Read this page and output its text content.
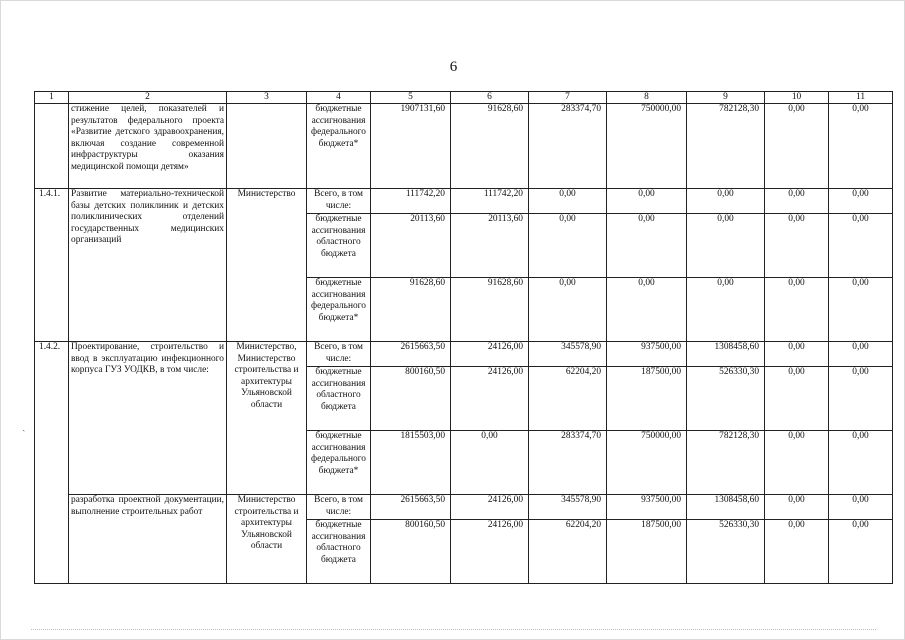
6
1	2	3	4	5	6	7	8	9	10	11
	стижение целей, показателей и результатов федерального проекта «Развитие детского здравоохранения, включая создание современной инфраструктуры оказания медицинской помощи детям»		бюджетные ассигнования федерального бюджета*	1907131,60	91628,60	283374,70	750000,00	782128,30	0,00	0,00
1.4.1.	Развитие материально-технической базы детских поликлиник и детских поликлинических отделений государственных медицинских организаций	Министерство	Всего, в том числе:	111742,20	111742,20	0,00	0,00	0,00	0,00	0,00
			бюджетные ассигнования областного бюджета	20113,60	20113,60	0,00	0,00	0,00	0,00	0,00
			бюджетные ассигнования федерального бюджета*	91628,60	91628,60	0,00	0,00	0,00	0,00	0,00
1.4.2.	Проектирование, строительство и ввод в эксплуатацию инфекционного корпуса ГУЗ УОДКВ, в том числе:	Министерство, Министерство строительства и архитектуры Ульяновской области	Всего, в том числе:	2615663,50	24126,00	345578,90	937500,00	1308458,60	0,00	0,00
			бюджетные ассигнования областного бюджета	800160,50	24126,00	62204,20	187500,00	526330,30	0,00	0,00
			бюджетные ассигнования федерального бюджета*	1815503,00	0,00	283374,70	750000,00	782128,30	0,00	0,00
	разработка проектной документации, выполнение строительных работ	Министерство строительства и архитектуры Ульяновской области	Всего, в том числе:	2615663,50	24126,00	345578,90	937500,00	1308458,60	0,00	0,00
			бюджетные ассигнования областного бюджета	800160,50	24126,00	62204,20	187500,00	526330,30	0,00	0,00
ˏ
